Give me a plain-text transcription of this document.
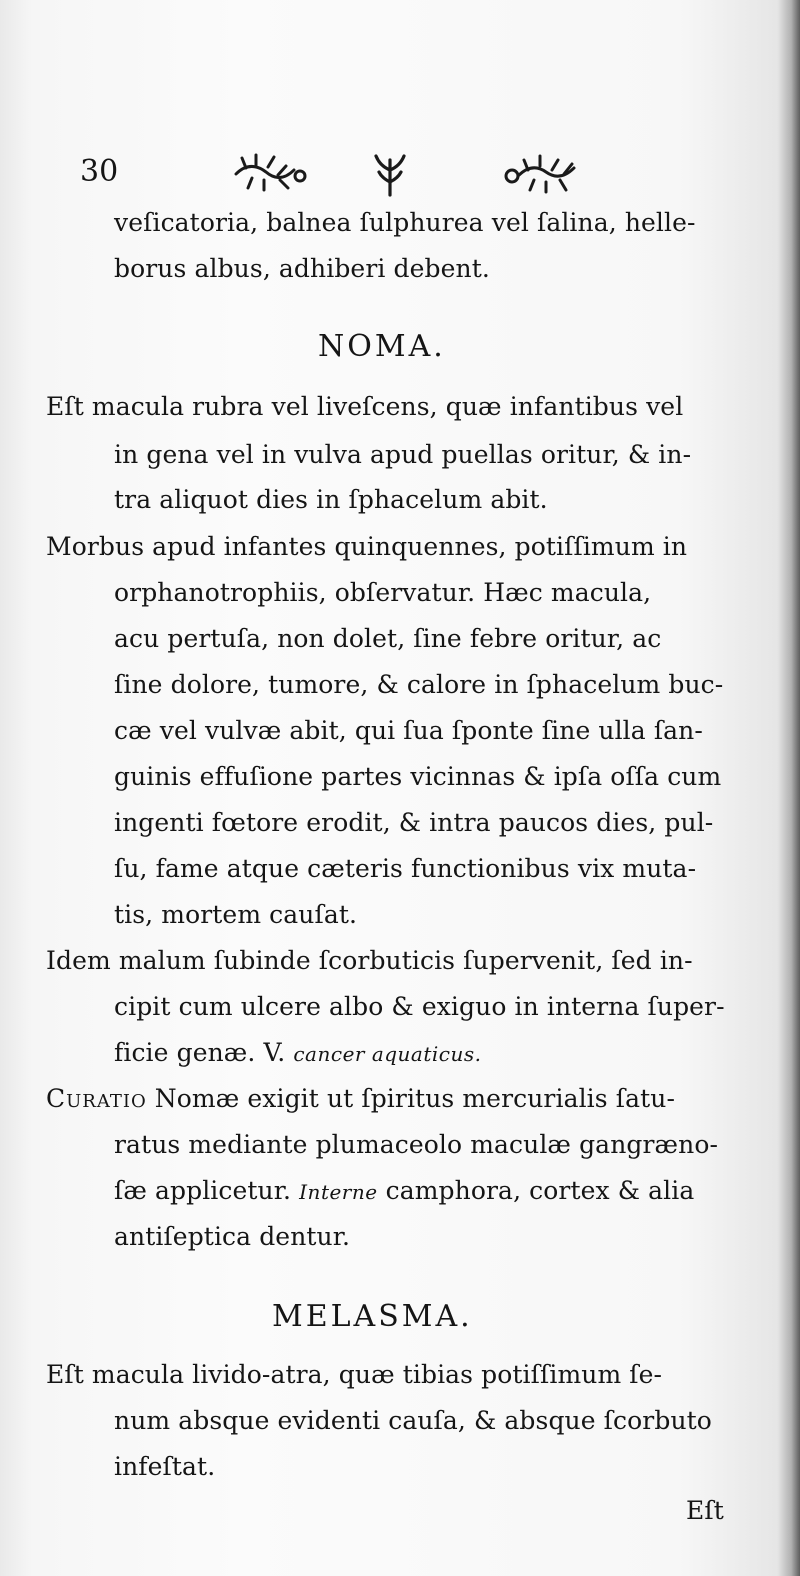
30
veſicatoria, balnea ſulphurea vel ſalina, helle-
borus albus, adhiberi debent.
NOMA.
Eſt macula rubra vel liveſcens, quæ infantibus vel
in gena vel in vulva apud puellas oritur, & in-
tra aliquot dies in ſphacelum abit.
Morbus apud infantes quinquennes, potiſſimum in
orphanotrophiis, obſervatur. Hæc macula,
acu pertuſa, non dolet, ſine febre oritur, ac
ſine dolore, tumore, & calore in ſphacelum buc-
cæ vel vulvæ abit, qui ſua ſponte ſine ulla ſan-
guinis effuſione partes vicinnas & ipſa oſſa cum
ingenti fœtore erodit, & intra paucos dies, pul-
ſu, fame atque cæteris functionibus vix muta-
tis, mortem cauſat.
Idem malum ſubinde ſcorbuticis ſupervenit, ſed in-
cipit cum ulcere albo & exiguo in interna ſuper-
ficie genæ. V. cancer aquaticus.
Curatio Nomæ exigit ut ſpiritus mercurialis ſatu-
ratus mediante plumaceolo maculæ gangræno-
ſæ applicetur. Interne camphora, cortex & alia
antiſeptica dentur.
MELASMA.
Eſt macula livido-atra, quæ tibias potiſſimum ſe-
num absque evidenti cauſa, & absque ſcorbuto
infeſtat.
Eſt
